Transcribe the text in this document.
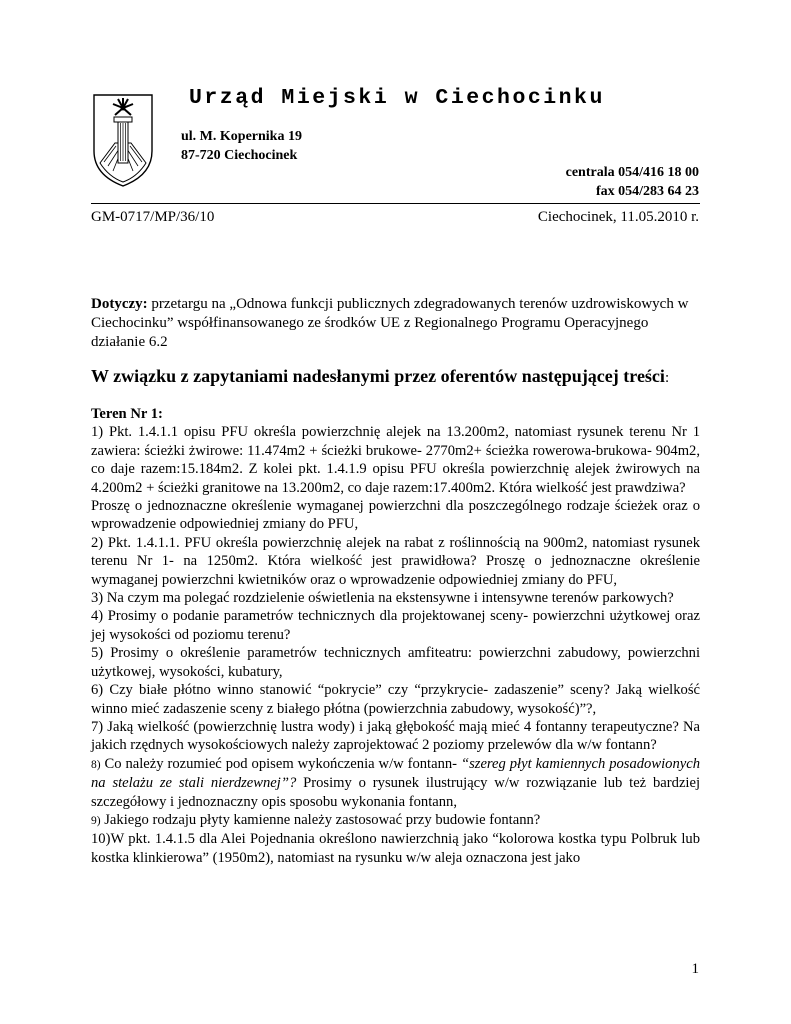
Urząd Miejski w Ciechocinku
ul. M. Kopernika 19
87-720 Ciechocinek
centrala 054/416 18 00
fax 054/283 64 23
GM-0717/MP/36/10	Ciechocinek, 11.05.2010 r.
Dotyczy: przetargu na „Odnowa funkcji publicznych zdegradowanych terenów uzdrowiskowych w Ciechocinku” współfinansowanego ze środków UE z Regionalnego Programu Operacyjnego działanie 6.2
W związku z zapytaniami nadesłanymi przez oferentów następującej treści:

Teren Nr 1:

1) Pkt. 1.4.1.1 opisu PFU określa powierzchnię alejek na 13.200m2, natomiast rysunek terenu Nr 1 zawiera: ścieżki żwirowe: 11.474m2 + ścieżki brukowe- 2770m2+ ścieżka rowerowa-brukowa- 904m2, co daje razem:15.184m2. Z kolei pkt. 1.4.1.9 opisu PFU określa powierzchnię alejek żwirowych na 4.200m2 + ścieżki granitowe na 13.200m2, co daje razem:17.400m2. Która wielkość jest prawdziwa?

Proszę o jednoznaczne określenie wymaganej powierzchni dla poszczególnego rodzaje ścieżek oraz o wprowadzenie odpowiedniej zmiany do PFU,

2) Pkt. 1.4.1.1. PFU określa powierzchnię alejek na rabat z roślinnością na 900m2, natomiast rysunek terenu Nr 1- na 1250m2. Która wielkość jest prawidłowa? Proszę o jednoznaczne określenie wymaganej powierzchni kwietników oraz o wprowadzenie odpowiedniej zmiany do PFU,

3) Na czym ma polegać rozdzielenie oświetlenia na ekstensywne i intensywne terenów parkowych?

4) Prosimy o podanie parametrów technicznych dla projektowanej sceny- powierzchni użytkowej oraz jej wysokości od poziomu terenu?

5) Prosimy o określenie parametrów technicznych amfiteatru: powierzchni zabudowy, powierzchni użytkowej, wysokości, kubatury,

6) Czy białe płótno winno stanowić “pokrycie” czy “przykrycie- zadaszenie” sceny? Jaką wielkość winno mieć zadaszenie sceny z białego płótna (powierzchnia zabudowy, wysokość)”?,

7) Jaką wielkość (powierzchnię lustra wody) i jaką głębokość mają mieć 4 fontanny terapeutyczne? Na jakich rzędnych wysokościowych należy zaprojektować 2 poziomy przelewów dla w/w fontann?

8) Co należy rozumieć pod opisem wykończenia w/w fontann- “szereg płyt kamiennych posadowionych na stelażu ze stali nierdzewnej”? Prosimy o rysunek ilustrujący w/w rozwiązanie lub też bardziej szczegółowy i jednoznaczny opis sposobu wykonania fontann,

9) Jakiego rodzaju płyty kamienne należy zastosować przy budowie fontann?

10)W pkt. 1.4.1.5 dla Alei Pojednania określono nawierzchnią jako “kolorowa kostka typu Polbruk lub kostka klinkierowa” (1950m2), natomiast na rysunku w/w aleja oznaczona jest jako

1
